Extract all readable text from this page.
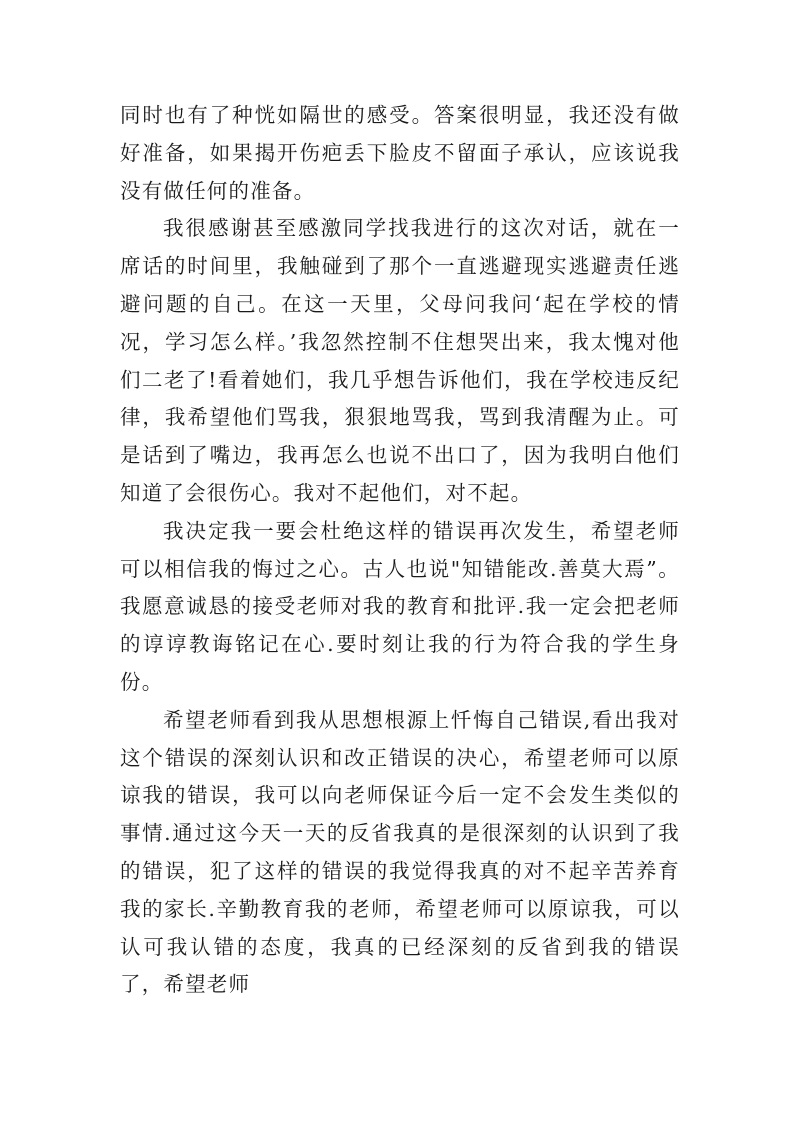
同时也有了种恍如隔世的感受。答案很明显，我还没有做好准备，如果揭开伤疤丢下脸皮不留面子承认，应该说我没有做任何的准备。

我很感谢甚至感激同学找我进行的这次对话，就在一席话的时间里，我触碰到了那个一直逃避现实逃避责任逃避问题的自己。在这一天里，父母问我问‘起在学校的情况，学习怎么样。’我忽然控制不住想哭出来，我太愧对他们二老了!看着她们，我几乎想告诉他们，我在学校违反纪律，我希望他们骂我，狠狠地骂我，骂到我清醒为止。可是话到了嘴边，我再怎么也说不出口了，因为我明白他们知道了会很伤心。我对不起他们，对不起。

我决定我一要会杜绝这样的错误再次发生，希望老师可以相信我的悔过之心。古人也说"知错能改.善莫大焉”。我愿意诚恳的接受老师对我的教育和批评.我一定会把老师的谆谆教诲铭记在心.要时刻让我的行为符合我的学生身份。

希望老师看到我从思想根源上忏悔自己错误,看出我对这个错误的深刻认识和改正错误的决心，希望老师可以原谅我的错误，我可以向老师保证今后一定不会发生类似的事情.通过这今天一天的反省我真的是很深刻的认识到了我的错误，犯了这样的错误的我觉得我真的对不起辛苦养育我的家长.辛勤教育我的老师，希望老师可以原谅我，可以认可我认错的态度，我真的已经深刻的反省到我的错误了，希望老师
